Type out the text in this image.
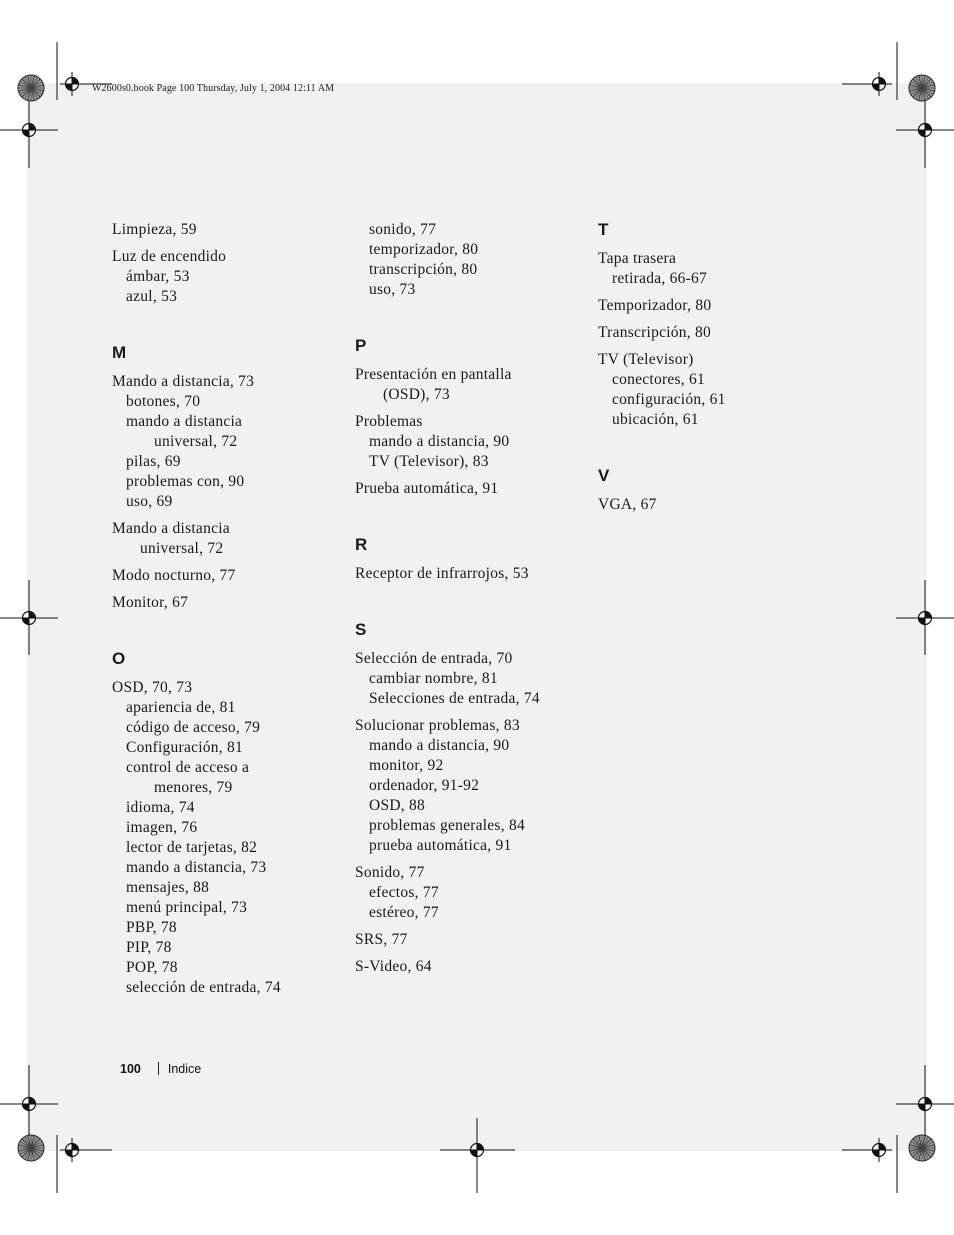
W2600s0.book Page 100 Thursday, July 1, 2004 12:11 AM
Limpieza, 59
Luz de encendido
ámbar, 53
azul, 53
M
Mando a distancia, 73
botones, 70
mando a distancia
universal, 72
pilas, 69
problemas con, 90
uso, 69
Mando a distancia
universal, 72
Modo nocturno, 77
Monitor, 67
O
OSD, 70, 73
apariencia de, 81
código de acceso, 79
Configuración, 81
control de acceso a
menores, 79
idioma, 74
imagen, 76
lector de tarjetas, 82
mando a distancia, 73
mensajes, 88
menú principal, 73
PBP, 78
PIP, 78
POP, 78
selección de entrada, 74
sonido, 77
temporizador, 80
transcripción, 80
uso, 73
P
Presentación en pantalla
(OSD), 73
Problemas
mando a distancia, 90
TV (Televisor), 83
Prueba automática, 91
R
Receptor de infrarrojos, 53
S
Selección de entrada, 70
cambiar nombre, 81
Selecciones de entrada, 74
Solucionar problemas, 83
mando a distancia, 90
monitor, 92
ordenador, 91-92
OSD, 88
problemas generales, 84
prueba automática, 91
Sonido, 77
efectos, 77
estéreo, 77
SRS, 77
S-Video, 64
T
Tapa trasera
retirada, 66-67
Temporizador, 80
Transcripción, 80
TV (Televisor)
conectores, 61
configuración, 61
ubicación, 61
V
VGA, 67
100 Indice
